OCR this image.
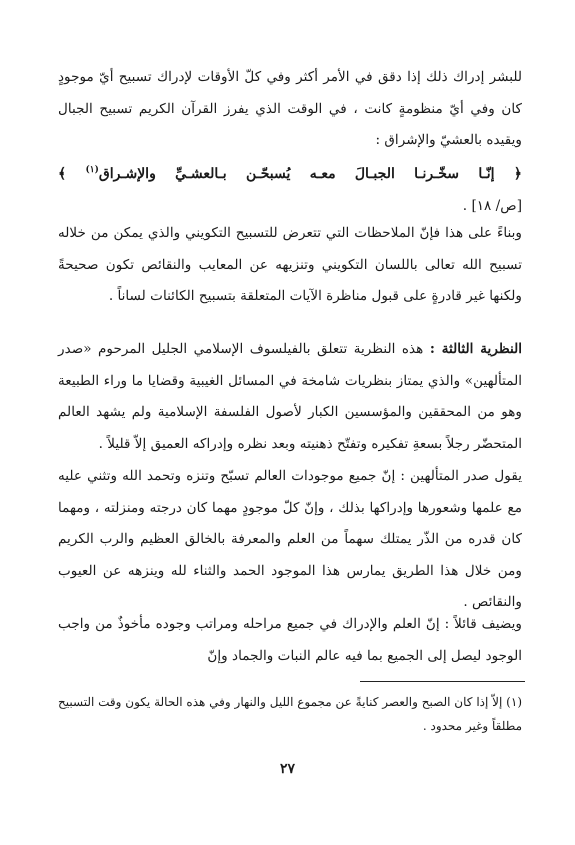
للبشر إدراك ذلك إذا دقق في الأمر أكثر وفي كلّ الأوقات لإدراك تسبيح أيّ موجودٍ كان وفي أيّ منظومةٍ كانت ، في الوقت الذي يفرز القرآن الكريم تسبيح الجبال ويقيده بالعشيّ والإشراق :

﴿ إنّـا سخّـرنـا الجبـالَ معـه يُسبحّـن بـالعشـيِّ والإشـراق$^{(١)}$ ﴾
[ص/ ١٨] .

وبناءً على هذا فإنّ الملاحظات التي تتعرض للتسبيح التكويني والذي يمكن من خلاله تسبيح الله تعالى باللسان التكويني وتنزيهه عن المعايب والنقائص تكون صحيحةً ولكنها غير قادرةٍ على قبول مناظرة الآيات المتعلقة بتسبيح الكائنات لساناً .

النظرية الثالثة : هذه النظرية تتعلق بالفيلسوف الإسلامي الجليل المرحوم «صدر المتألهين» والذي يمتاز بنظريات شامخة في المسائل الغيبية وقضايا ما وراء الطبيعة وهو من المحققين والمؤسسين الكبار لأصول الفلسفة الإسلامية ولم يشهد العالم المتحضّر رجلاً بسعةِ تفكيره وتفتّح ذهنيته وبعد نظره وإدراكه العميق إلاّ قليلاً .

يقول صدر المتألهين : إنّ جميع موجودات العالم تسبّح وتنزه وتحمد الله وتثني عليه مع علمها وشعورها وإدراكها بذلك ، وإنّ كلّ موجودٍ مهما كان درجته ومنزلته ، ومهما كان قدره من الذّر يمتلك سهماً من العلم والمعرفة بالخالق العظيم والرب الكريم ومن خلال هذا الطريق يمارس هذا الموجود الحمد والثناء لله وينزهه عن العيوب والنقائص .

ويضيف قائلاً : إنّ العلم والإدراك في جميع مراحله ومراتب وجوده مأخوذٌ من واجب الوجود ليصل إلى الجميع بما فيه عالم النبات والجماد وإنّ

(١) إلاّ إذا كان الصبح والعصر كنايةً عن مجموع الليل والنهار وفي هذه الحالة يكون وقت التسبيح مطلقاً وغير محدود .

٢٧
